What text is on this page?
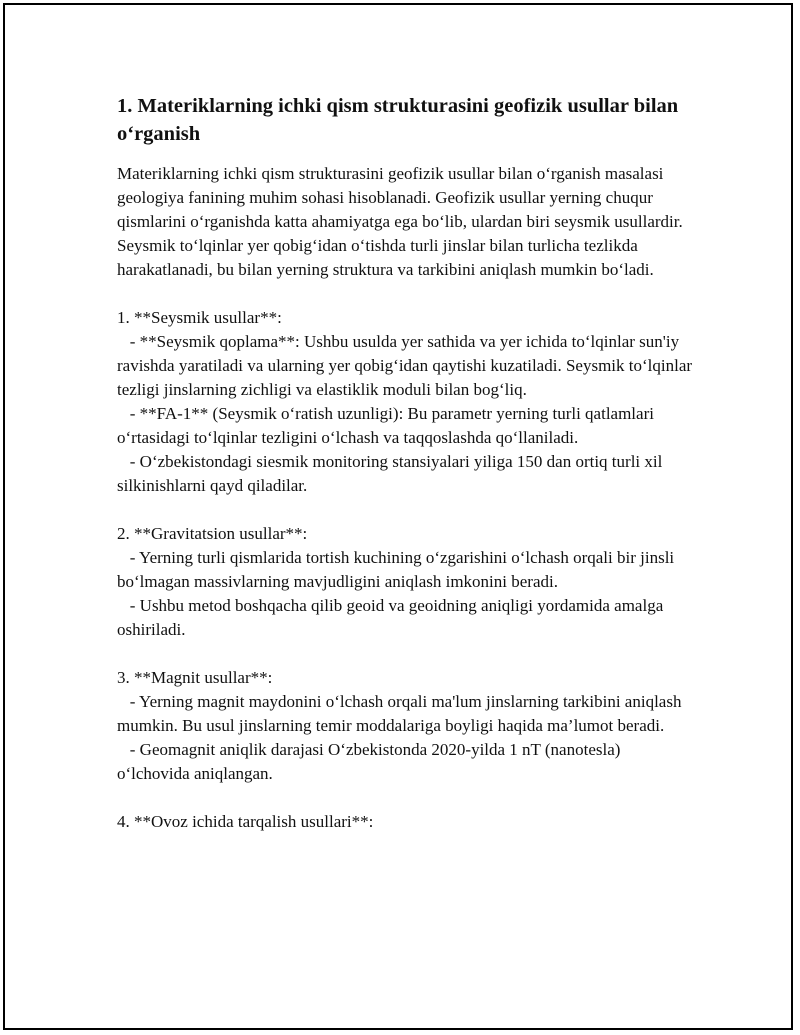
1. Materiklarning ichki qism strukturasini geofizik usullar bilan o‘rganish
Materiklarning ichki qism strukturasini geofizik usullar bilan o‘rganish masalasi geologiya fanining muhim sohasi hisoblanadi. Geofizik usullar yerning chuqur qismlarini o‘rganishda katta ahamiyatga ega bo‘lib, ulardan biri seysmik usullardir. Seysmik to‘lqinlar yer qobig‘idan o‘tishda turli jinslar bilan turlicha tezlikda harakatlanadi, bu bilan yerning struktura va tarkibini aniqlash mumkin bo‘ladi.

1. **Seysmik usullar**:
- **Seysmik qoplama**: Ushbu usulda yer sathida va yer ichida to‘lqinlar sun'iy ravishda yaratiladi va ularning yer qobig‘idan qaytishi kuzatiladi. Seysmik to‘lqinlar tezligi jinslarning zichligi va elastiklik moduli bilan bog‘liq.
- **FA-1** (Seysmik o‘ratish uzunligi): Bu parametr yerning turli qatlamlari o‘rtasidagi to‘lqinlar tezligini o‘lchash va taqqoslashda qo‘llaniladi.
- O‘zbekistondagi siesmik monitoring stansiyalari yiliga 150 dan ortiq turli xil silkinishlarni qayd qiladilar.

2. **Gravitatsion usullar**:
- Yerning turli qismlarida tortish kuchining o‘zgarishini o‘lchash orqali bir jinsli bo‘lmagan massivlarning mavjudligini aniqlash imkonini beradi.
- Ushbu metod boshqacha qilib geoid va geoidning aniqligi yordamida amalga oshiriladi.

3. **Magnit usullar**:
- Yerning magnit maydonini o‘lchash orqali ma'lum jinslarning tarkibini aniqlash mumkin. Bu usul jinslarning temir moddalariga boyligi haqida ma’lumot beradi.
- Geomagnit aniqlik darajasi O‘zbekistonda 2020-yilda 1 nT (nanotesla) o‘lchovida aniqlangan.

4. **Ovoz ichida tarqalish usullari**:
